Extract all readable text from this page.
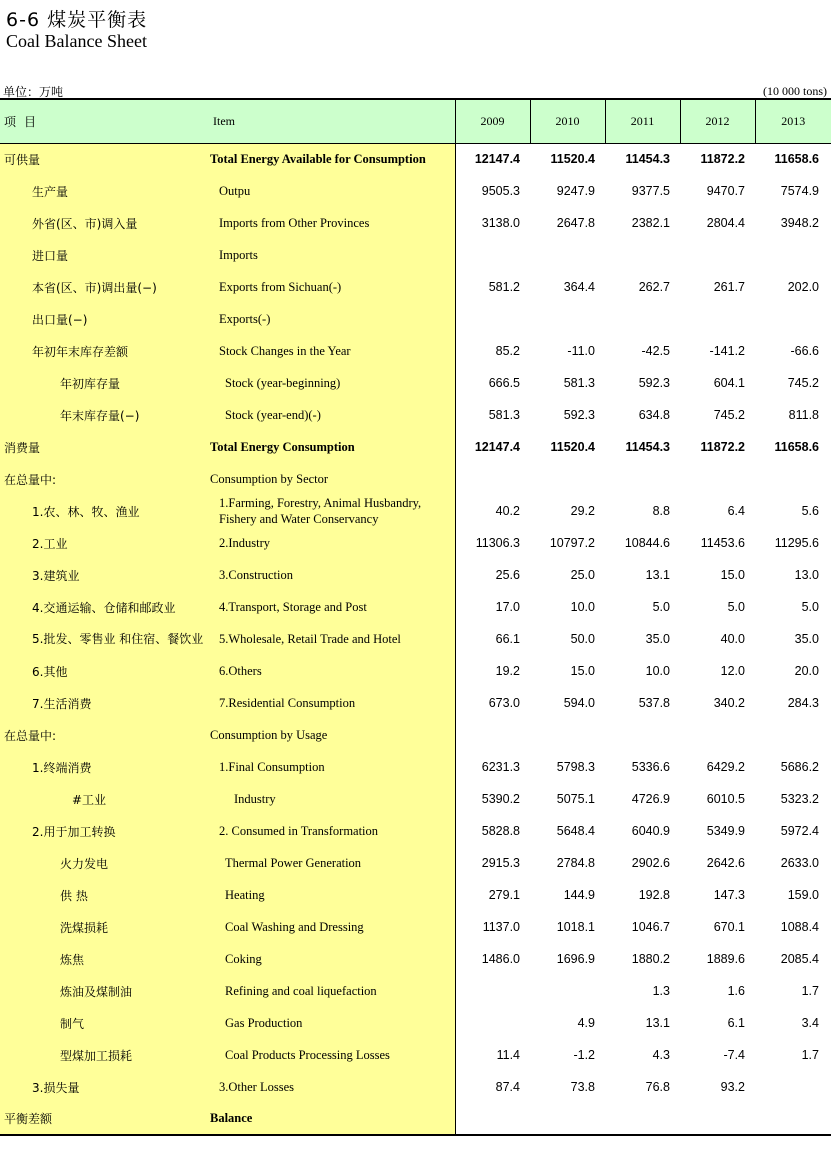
6-6 煤炭平衡表
Coal Balance Sheet
单位：万吨	(10 000 tons)
项目	Item	2009	2010	2011	2012	2013
可供量	Total Energy Available for Consumption	12147.4	11520.4	11454.3	11872.2	11658.6
生产量	Outpu	9505.3	9247.9	9377.5	9470.7	7574.9
外省(区、市)调入量	Imports from Other Provinces	3138.0	2647.8	2382.1	2804.4	3948.2
进口量	Imports					
本省(区、市)调出量(−)	Exports from Sichuan(-)	581.2	364.4	262.7	261.7	202.0
出口量(−)	Exports(-)					
年初年末库存差额	Stock Changes in the Year	85.2	-11.0	-42.5	-141.2	-66.6
年初库存量	Stock (year-beginning)	666.5	581.3	592.3	604.1	745.2
年末库存量(−)	Stock (year-end)(-)	581.3	592.3	634.8	745.2	811.8
消费量	Total Energy Consumption	12147.4	11520.4	11454.3	11872.2	11658.6
在总量中:	Consumption by Sector					
1.农、林、牧、渔业	1.Farming, Forestry, Animal Husbandry, Fishery and Water Conservancy	40.2	29.2	8.8	6.4	5.6
2.工业	2.Industry	11306.3	10797.2	10844.6	11453.6	11295.6
3.建筑业	3.Construction	25.6	25.0	13.1	15.0	13.0
4.交通运输、仓储和邮政业	4.Transport, Storage and Post	17.0	10.0	5.0	5.0	5.0
5.批发、零售业 和住宿、餐饮业	5.Wholesale, Retail Trade and Hotel	66.1	50.0	35.0	40.0	35.0
6.其他	6.Others	19.2	15.0	10.0	12.0	20.0
7.生活消费	7.Residential Consumption	673.0	594.0	537.8	340.2	284.3
在总量中:	Consumption by Usage					
1.终端消费	1.Final Consumption	6231.3	5798.3	5336.6	6429.2	5686.2
#工业	Industry	5390.2	5075.1	4726.9	6010.5	5323.2
2.用于加工转换	2. Consumed in Transformation	5828.8	5648.4	6040.9	5349.9	5972.4
火力发电	Thermal Power Generation	2915.3	2784.8	2902.6	2642.6	2633.0
供 热	Heating	279.1	144.9	192.8	147.3	159.0
洗煤损耗	Coal Washing and Dressing	1137.0	1018.1	1046.7	670.1	1088.4
炼焦	Coking	1486.0	1696.9	1880.2	1889.6	2085.4
炼油及煤制油	Refining and coal liquefaction			1.3	1.6	1.7
制气	Gas Production		4.9	13.1	6.1	3.4
型煤加工损耗	Coal Products Processing Losses	11.4	-1.2	4.3	-7.4	1.7
3.损失量	3.Other Losses	87.4	73.8	76.8	93.2	
平衡差额	Balance					
